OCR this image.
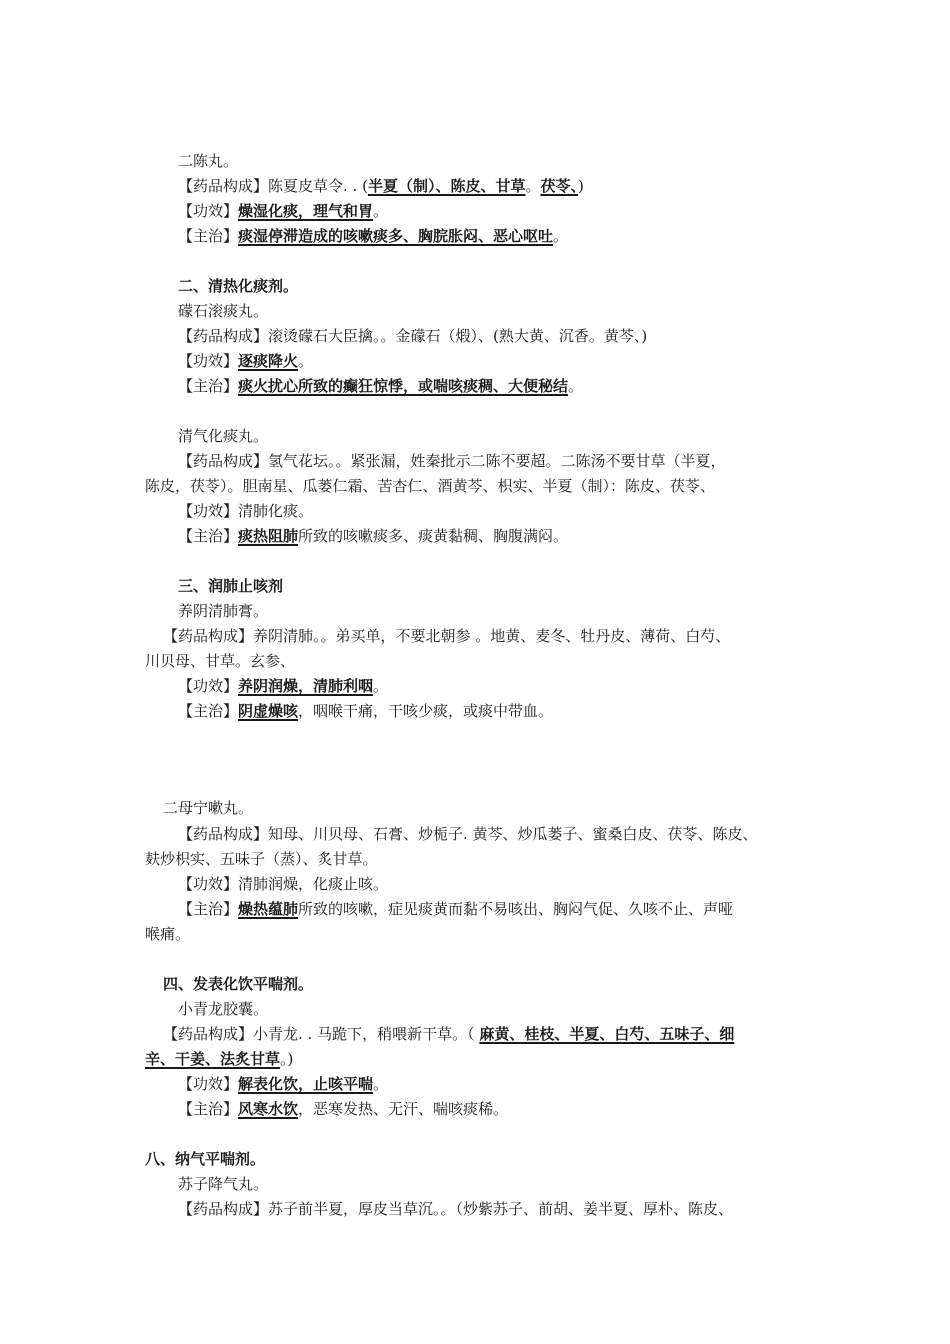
二陈丸。
【药品构成】陈夏皮草令. . (半夏（制）、陈皮、甘草。茯苓、)
【功效】燥湿化痰，理气和胃。
【主治】痰湿停滞造成的咳嗽痰多、胸脘胀闷、恶心呕吐。
二、清热化痰剂。
礞石滚痰丸。
【药品构成】滚烫礞石大臣擒。。金礞石（煅）、(熟大黄、沉香。黄芩、)
【功效】逐痰降火。
【主治】痰火扰心所致的癫狂惊悸，或喘咳痰稠、大便秘结。
清气化痰丸。
【药品构成】氢气花坛。。紧张漏，姓秦批示二陈不要超。二陈汤不要甘草（半夏，
陈皮，茯苓）。胆南星、瓜蒌仁霜、苦杏仁、酒黄芩、枳实、半夏（制）：陈皮、茯苓、
【功效】清肺化痰。
【主治】痰热阻肺所致的咳嗽痰多、痰黄黏稠、胸腹满闷。
三、润肺止咳剂
养阴清肺膏。
【药品构成】养阴清肺。。弟买单，不要北朝参 。地黄、麦冬、牡丹皮、薄荷、白芍、
川贝母、甘草。玄参、
【功效】养阴润燥，清肺利咽。
【主治】阴虚燥咳，咽喉干痛，干咳少痰，或痰中带血。
二母宁嗽丸。
【药品构成】知母、川贝母、石膏、炒栀子. 黄芩、炒瓜蒌子、蜜桑白皮、茯苓、陈皮、
麸炒枳实、五味子（蒸）、炙甘草。
【功效】清肺润燥，化痰止咳。
【主治】燥热蕴肺所致的咳嗽，症见痰黄而黏不易咳出、胸闷气促、久咳不止、声哑
喉痛。
四、发表化饮平喘剂。
小青龙胶囊。
【药品构成】小青龙. . 马跪下，稍喂新干草。（ 麻黄、桂枝、半夏、白芍、五味子、细
辛、干姜、法炙甘草。)
【功效】解表化饮，止咳平喘。
【主治】风寒水饮，恶寒发热、无汗、喘咳痰稀。
八、纳气平喘剂。
苏子降气丸。
【药品构成】苏子前半夏，厚皮当草沉。。（炒紫苏子、前胡、姜半夏、厚朴、陈皮、
